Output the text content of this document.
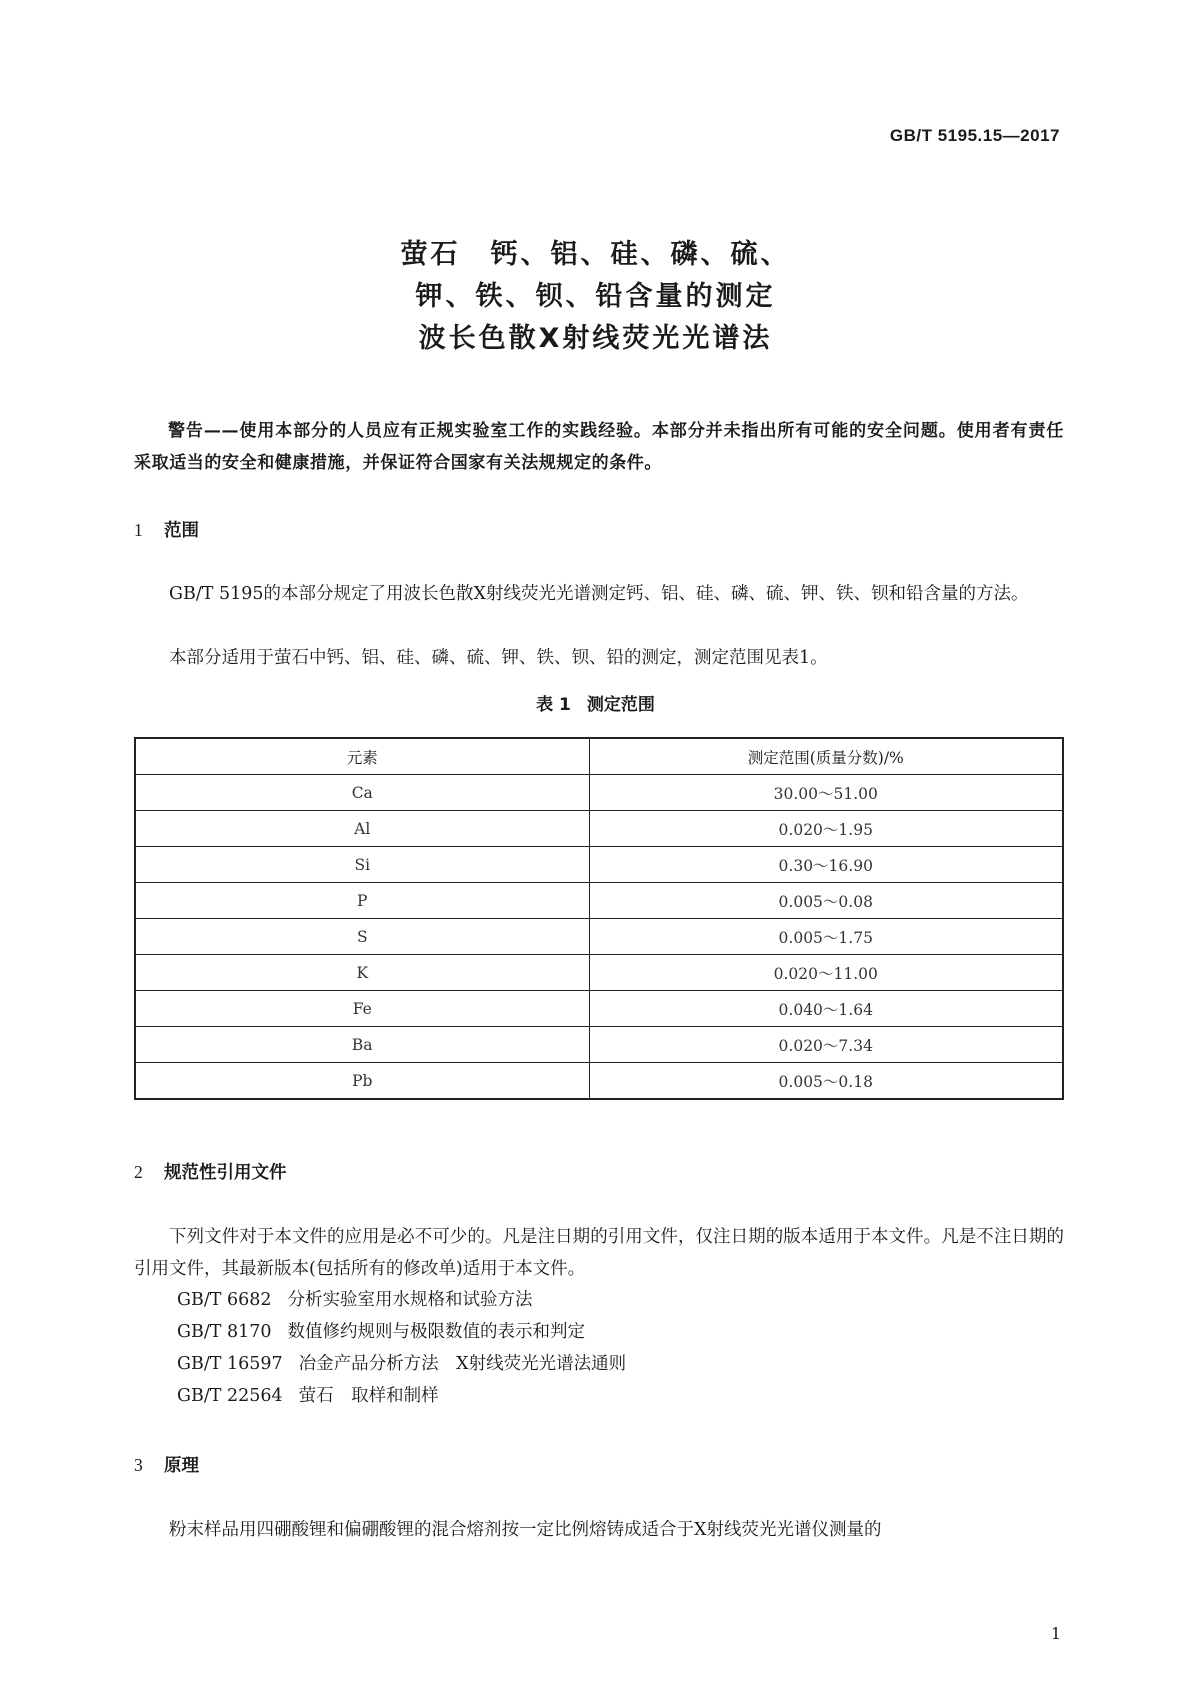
GB/T 5195.15—2017
萤石　钙、铝、硅、磷、硫、
钾、铁、钡、铅含量的测定
波长色散X射线荧光光谱法
警告——使用本部分的人员应有正规实验室工作的实践经验。本部分并未指出所有可能的安全问题。使用者有责任采取适当的安全和健康措施，并保证符合国家有关法规规定的条件。
1 范围
GB/T 5195的本部分规定了用波长色散X射线荧光光谱测定钙、铝、硅、磷、硫、钾、铁、钡和铅含量的方法。
本部分适用于萤石中钙、铝、硅、磷、硫、钾、铁、钡、铅的测定，测定范围见表1。
表 1 测定范围
元素	测定范围(质量分数)/%
Ca	30.00～51.00
Al	0.020～1.95
Si	0.30～16.90
P	0.005～0.08
S	0.005～1.75
K	0.020～11.00
Fe	0.040～1.64
Ba	0.020～7.34
Pb	0.005～0.18
2 规范性引用文件
下列文件对于本文件的应用是必不可少的。凡是注日期的引用文件，仅注日期的版本适用于本文件。凡是不注日期的引用文件，其最新版本(包括所有的修改单)适用于本文件。
GB/T 6682 分析实验室用水规格和试验方法
GB/T 8170 数值修约规则与极限数值的表示和判定
GB/T 16597 冶金产品分析方法　X射线荧光光谱法通则
GB/T 22564 萤石　取样和制样
3 原理
粉末样品用四硼酸锂和偏硼酸锂的混合熔剂按一定比例熔铸成适合于X射线荧光光谱仪测量的
1
